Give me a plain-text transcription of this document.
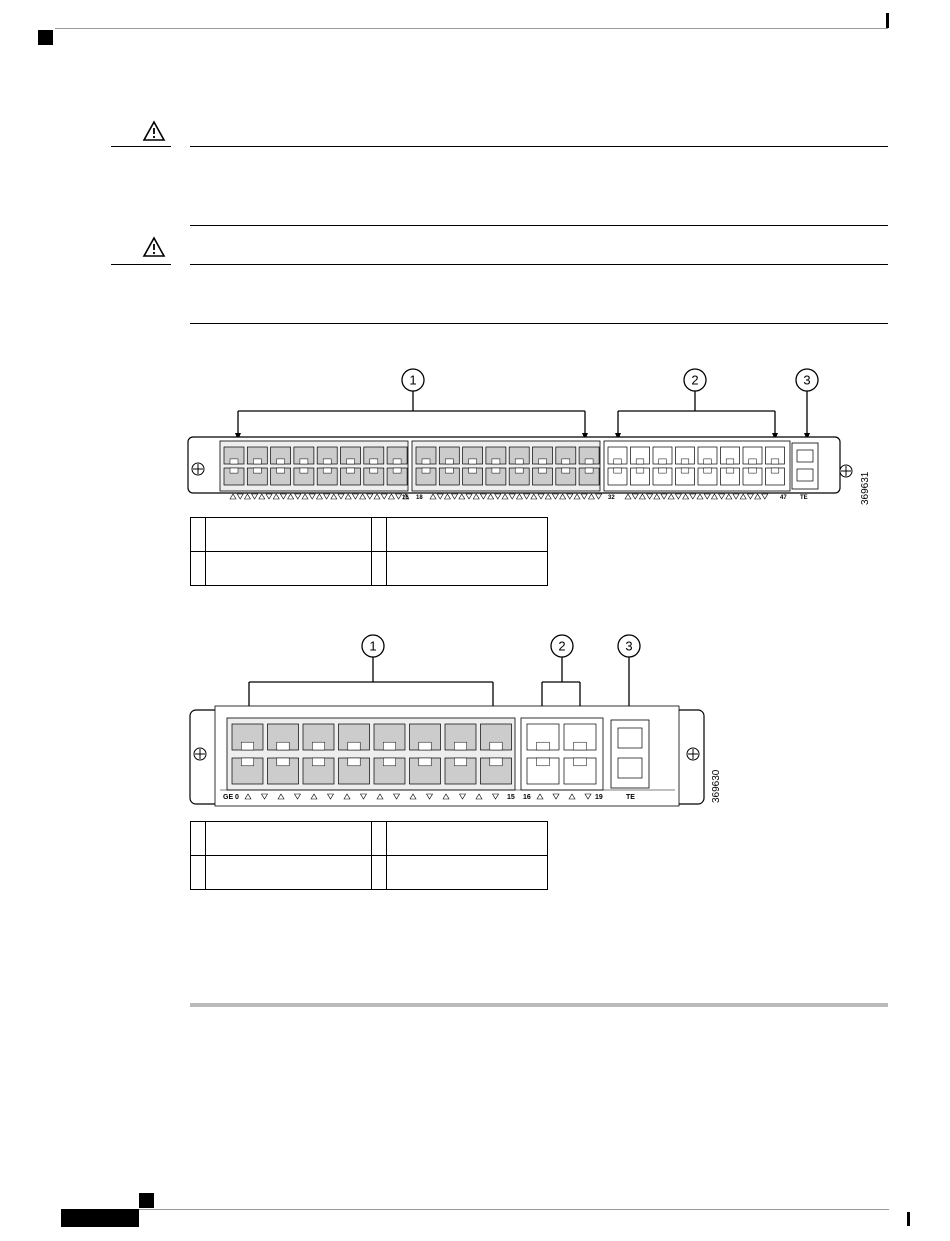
1	2	3
16 18	32	47 TE	369631

1	2	3
GE 0	15 16	19	TE	369630
